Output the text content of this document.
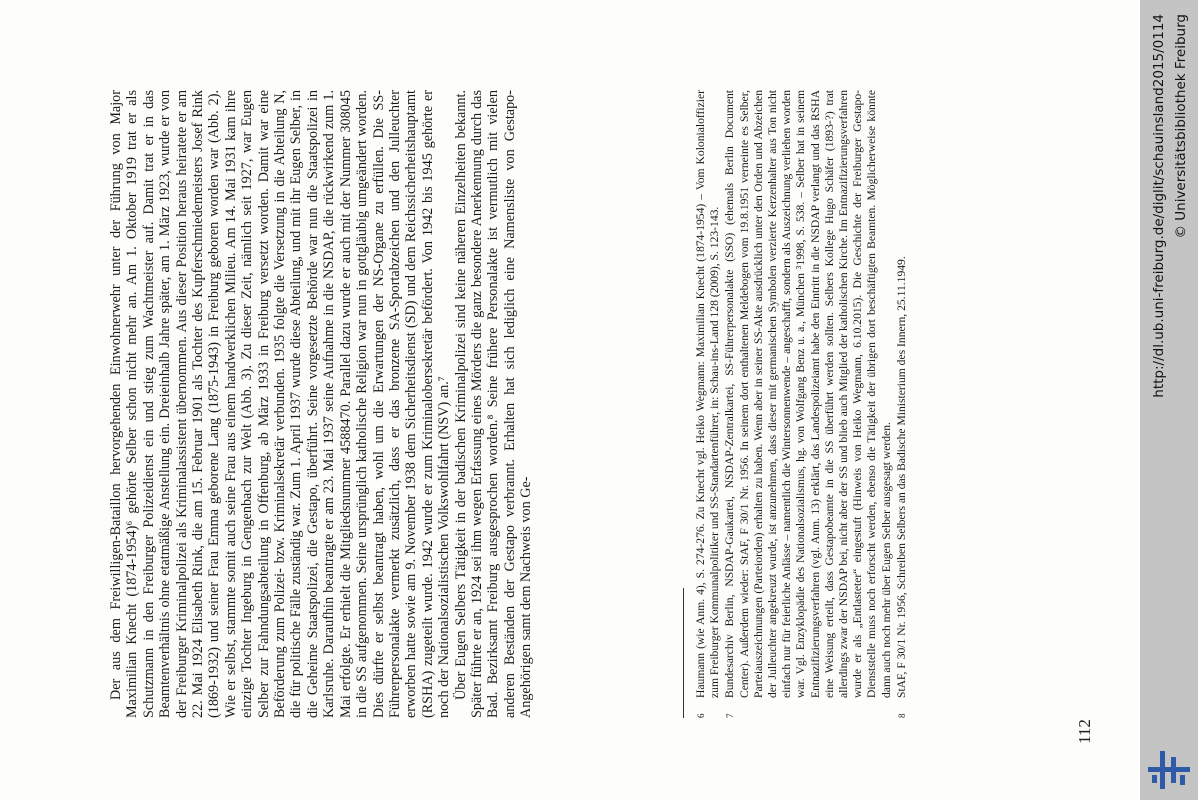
112

Der aus dem Freiwilligen-Bataillon hervorgehenden Einwohnerwehr unter der Führung von Major Maximilian Knecht (1874-1954)⁶ gehörte Selber schon nicht mehr an. Am 1. Oktober 1919 trat er als Schutzmann in den Freiburger Polizeidienst ein und stieg zum Wachtmeister auf. Damit trat er in das Beamtenverhältnis ohne etatmäßige Anstellung ein. Dreieinhalb Jahre später, am 1. März 1923, wurde er von der Freiburger Kriminalpolizei als Kriminalassistent übernommen. Aus dieser Position heraus heiratete er am 22. Mai 1924 Elisabeth Rink, die am 15. Februar 1901 als Tochter des Kupferschmiedemeisters Josef Rink (1869-1932) und seiner Frau Emma geborene Lang (1875-1943) in Freiburg geboren worden war (Abb. 2). Wie er selbst, stammte somit auch seine Frau aus einem handwerklichen Milieu. Am 14. Mai 1931 kam ihre einzige Tochter Ingeburg in Gengenbach zur Welt (Abb. 3). Zu dieser Zeit, nämlich seit 1927, war Eugen Selber zur Fahndungsabteilung in Offenburg, ab März 1933 in Freiburg versetzt worden. Damit war eine Beförderung zum Polizei- bzw. Kriminalsekretär verbunden. 1935 folgte die Versetzung in die Abteilung N, die für politische Fälle zuständig war. Zum 1. April 1937 wurde diese Abteilung, und mit ihr Eugen Selber, in die Geheime Staatspolizei, die Gestapo, überführt. Seine vorgesetzte Behörde war nun die Staatspolizei in Karlsruhe. Daraufhin beantragte er am 23. Mai 1937 seine Aufnahme in die NSDAP, die rückwirkend zum 1. Mai erfolgte. Er erhielt die Mitgliedsnummer 4588470. Parallel dazu wurde er auch mit der Nummer 308045 in die SS aufgenommen. Seine ursprünglich katholische Religion war nun in gottgläubig umgeändert worden. Dies dürfte er selbst beantragt haben, wohl um die Erwartungen der NS-Organe zu erfüllen. Die SS-Führerpersonalakte vermerkt zusätzlich, dass er das bronzene SA-Sportabzeichen und den Julleuchter erworben hatte sowie am 9. November 1938 dem Sicherheitsdienst (SD) und dem Reichssicherheitshauptamt (RSHA) zugeteilt wurde. 1942 wurde er zum Kriminalobersekretär befördert. Von 1942 bis 1945 gehörte er noch der Nationalsozialistischen Volkswohlfahrt (NSV) an.⁷ Über Eugen Selbers Tätigkeit in der badischen Kriminalpolizei sind keine näheren Einzelheiten bekannt. Später führte er an, 1924 sei ihm wegen Erfassung eines Mörders die ganz besondere Anerkennung durch das Bad. Bezirksamt Freiburg ausgesprochen worden.⁸ Seine frühere Personalakte ist vermutlich mit vielen anderen Beständen der Gestapo verbrannt. Erhalten hat sich lediglich eine Namensliste von Gestapo-Angehörigen samt dem Nachweis von Ge-	6
Haumann (wie Anm. 4), S. 274-276. Zu Knecht vgl. Heiko Wegmann: Maximilian Knecht (1874-1954) – Vom Kolonialoffizier zum Freiburger Kommunalpolitiker und SS-Standartenführer, in: Schau-ins-Land 128 (2009), S. 123-143.
7
Bundesarchiv Berlin, NSDAP-Gaukartei, NSDAP-Zentralkartei, SS-Führerpersonalakte (SSO) (ehemals Berlin Document Center). Außerdem wieder: StAF, F 30/1 Nr. 1956. In seinem dort enthaltenen Meldebogen vom 19.8.1951 verneinte es Selber, Parteiauszeichnungen (Parteiorden) erhalten zu haben. Wenn aber in seiner SS-Akte ausdrücklich unter den Orden und Abzeichen der Julleuchter angekreuzt wurde, ist anzunehmen, dass dieser mit germanischen Symbolen verzierte Kerzenhalter aus Ton nicht einfach nur für feierliche Anlässe – namentlich die Wintersonnenwende – angeschafft, sondern als Auszeichnung verliehen worden war. Vgl. Enzyklopädie des Nationalsozialismus, hg. von Wolfgang Benz u. a., München ³1998, S. 538. – Selber hat in seinem Entnazifizierungsverfahren (vgl. Anm. 13) erklärt, das Landespolizeiamt habe den Eintritt in die NSDAP verlangt und das RSHA eine Weisung erteilt, dass Gestapobeamte in die SS überführt werden sollten. Selbers Kollege Hugo Schäfer (1893-?) trat allerdings zwar der NSDAP bei, nicht aber der SS und blieb auch Mitglied der katholischen Kirche. Im Entnazifizierungsverfahren wurde er als „Entlasteter“ eingestuft (Hinweis von Heiko Wegmann, 6.10.2015). Die Geschichte der Freiburger Gestapo-Dienststelle muss noch erforscht werden, ebenso die Tätigkeit der übrigen dort beschäftigten Beamten. Möglicherweise könnte dann auch noch mehr über Eugen Selber ausgesagt werden.
8
StAF, F 30/1 Nr. 1956, Schreiben Selbers an das Badische Ministerium des Innern, 25.11.1949.
http://dl.ub.uni-freiburg.de/diglit/schauinsland2015/0114 © Universitätsbibliothek Freiburg
